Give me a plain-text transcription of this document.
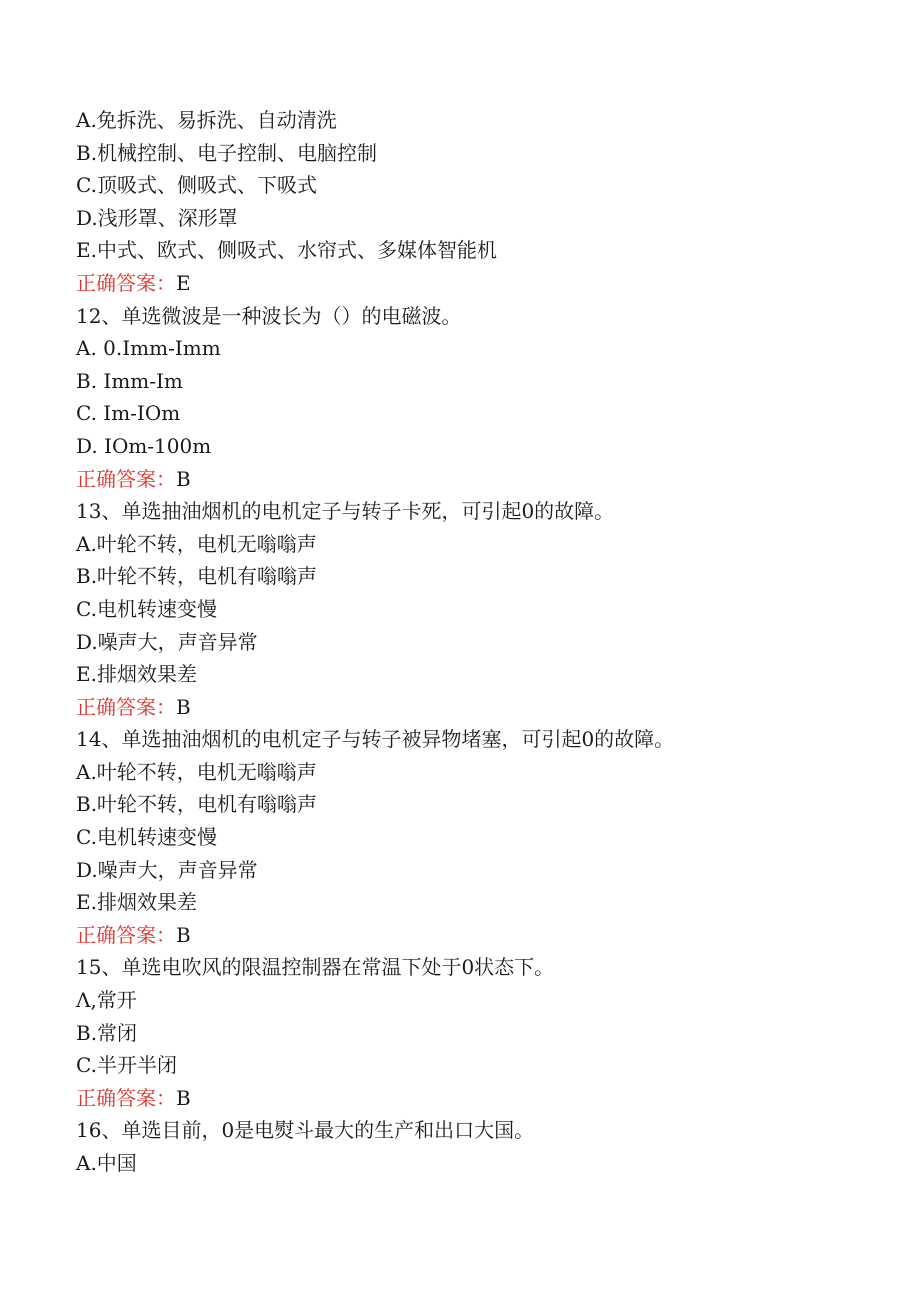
A.免拆洗、易拆洗、自动清洗
B.机械控制、电子控制、电脑控制
C.顶吸式、侧吸式、下吸式
D.浅形罩、深形罩
E.中式、欧式、侧吸式、水帘式、多媒体智能机
正确答案：E
12、单选微波是一种波长为（）的电磁波。
A. 0.Imm-Imm
B. Imm-Im
C. Im-IOm
D. IOm-100m
正确答案：B
13、单选抽油烟机的电机定子与转子卡死，可引起0的故障。
A.叶轮不转，电机无嗡嗡声
B.叶轮不转，电机有嗡嗡声
C.电机转速变慢
D.噪声大，声音异常
E.排烟效果差
正确答案：B
14、单选抽油烟机的电机定子与转子被异物堵塞，可引起0的故障。
A.叶轮不转，电机无嗡嗡声
B.叶轮不转，电机有嗡嗡声
C.电机转速变慢
D.噪声大，声音异常
E.排烟效果差
正确答案：B
15、单选电吹风的限温控制器在常温下处于0状态下。
Λ,常开
B.常闭
C.半开半闭
正确答案：B
16、单选目前，0是电熨斗最大的生产和出口大国。
A.中国
